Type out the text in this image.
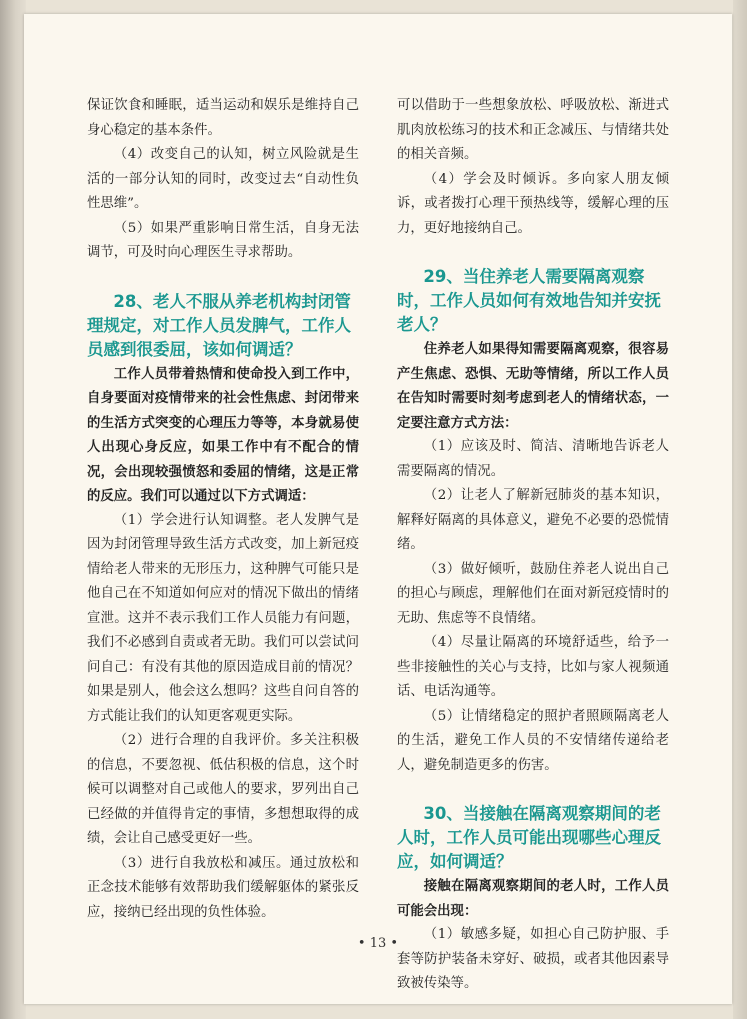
保证饮食和睡眠，适当运动和娱乐是维持自己身心稳定的基本条件。

（4）改变自己的认知，树立风险就是生活的一部分认知的同时，改变过去“自动性负性思维”。

（5）如果严重影响日常生活，自身无法调节，可及时向心理医生寻求帮助。

28、老人不服从养老机构封闭管理规定，对工作人员发脾气，工作人员感到很委屈，该如何调适？

工作人员带着热情和使命投入到工作中，自身要面对疫情带来的社会性焦虑、封闭带来的生活方式突变的心理压力等等，本身就易使人出现心身反应，如果工作中有不配合的情况，会出现较强愤怒和委屈的情绪，这是正常的反应。我们可以通过以下方式调适：

（1）学会进行认知调整。老人发脾气是因为封闭管理导致生活方式改变，加上新冠疫情给老人带来的无形压力，这种脾气可能只是他自己在不知道如何应对的情况下做出的情绪宣泄。这并不表示我们工作人员能力有问题，我们不必感到自责或者无助。我们可以尝试问问自己：有没有其他的原因造成目前的情况？如果是别人，他会这么想吗？这些自问自答的方式能让我们的认知更客观更实际。

（2）进行合理的自我评价。多关注积极的信息，不要忽视、低估积极的信息，这个时候可以调整对自己或他人的要求，罗列出自己已经做的并值得肯定的事情，多想想取得的成绩，会让自己感受更好一些。

（3）进行自我放松和减压。通过放松和正念技术能够有效帮助我们缓解躯体的紧张反应，接纳已经出现的负性体验。

可以借助于一些想象放松、呼吸放松、渐进式肌肉放松练习的技术和正念减压、与情绪共处的相关音频。

（4）学会及时倾诉。多向家人朋友倾诉，或者拨打心理干预热线等，缓解心理的压力，更好地接纳自己。

29、当住养老人需要隔离观察时，工作人员如何有效地告知并安抚老人？

住养老人如果得知需要隔离观察，很容易产生焦虑、恐惧、无助等情绪，所以工作人员在告知时需要时刻考虑到老人的情绪状态，一定要注意方式方法：

（1）应该及时、简洁、清晰地告诉老人需要隔离的情况。

（2）让老人了解新冠肺炎的基本知识，解释好隔离的具体意义，避免不必要的恐慌情绪。

（3）做好倾听，鼓励住养老人说出自己的担心与顾虑，理解他们在面对新冠疫情时的无助、焦虑等不良情绪。

（4）尽量让隔离的环境舒适些，给予一些非接触性的关心与支持，比如与家人视频通话、电话沟通等。

（5）让情绪稳定的照护者照顾隔离老人的生活，避免工作人员的不安情绪传递给老人，避免制造更多的伤害。

30、当接触在隔离观察期间的老人时，工作人员可能出现哪些心理反应，如何调适？

接触在隔离观察期间的老人时，工作人员可能会出现：

（1）敏感多疑，如担心自己防护服、手套等防护装备未穿好、破损，或者其他因素导致被传染等。

• 13 •
